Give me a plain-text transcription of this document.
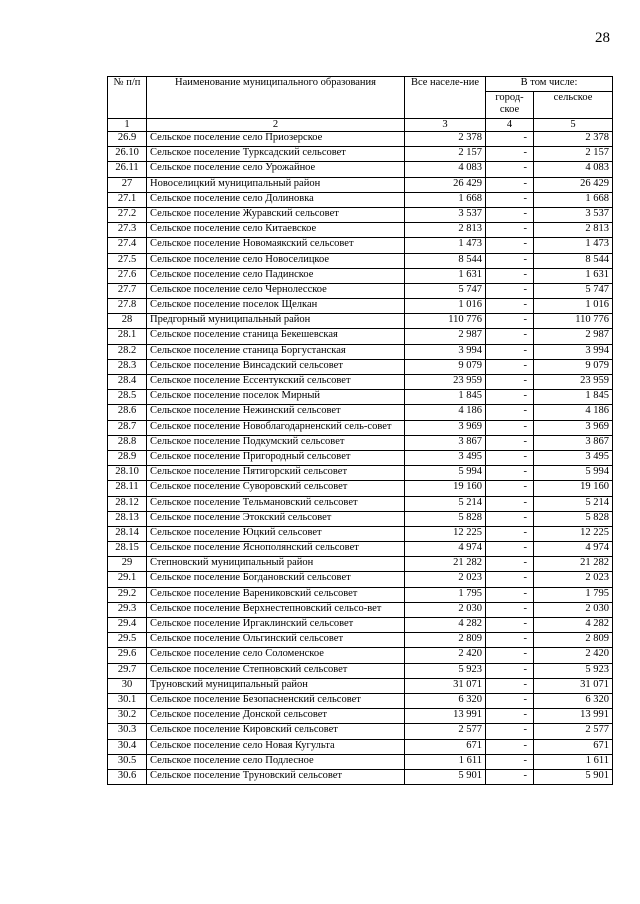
28
№ п/п	Наименование муниципального образования	Все населе-ние	В том числе:	
			город-ское	сельское
1	2	3	4	5
26.9	Сельское поселение село Приозерское	2 378	-	2 378
26.10	Сельское поселение Турксадский сельсовет	2 157	-	2 157
26.11	Сельское поселение село Урожайное	4 083	-	4 083
27	Новоселицкий муниципальный район	26 429	-	26 429
27.1	Сельское поселение село Долиновка	1 668	-	1 668
27.2	Сельское поселение Журавский сельсовет	3 537	-	3 537
27.3	Сельское поселение село Китаевское	2 813	-	2 813
27.4	Сельское поселение Новомаякский сельсовет	1 473	-	1 473
27.5	Сельское поселение село Новоселицкое	8 544	-	8 544
27.6	Сельское поселение село Падинское	1 631	-	1 631
27.7	Сельское поселение село Чернолесское	5 747	-	5 747
27.8	Сельское поселение поселок Щелкан	1 016	-	1 016
28	Предгорный муниципальный район	110 776	-	110 776
28.1	Сельское поселение станица Бекешевская	2 987	-	2 987
28.2	Сельское поселение станица Боргустанская	3 994	-	3 994
28.3	Сельское поселение Винсадский сельсовет	9 079	-	9 079
28.4	Сельское поселение Ессентукский сельсовет	23 959	-	23 959
28.5	Сельское поселение поселок Мирный	1 845	-	1 845
28.6	Сельское поселение Нежинский сельсовет	4 186	-	4 186
28.7	Сельское поселение Новоблагодарненский сель-совет	3 969	-	3 969
28.8	Сельское поселение Подкумский сельсовет	3 867	-	3 867
28.9	Сельское поселение Пригородный сельсовет	3 495	-	3 495
28.10	Сельское поселение Пятигорский сельсовет	5 994	-	5 994
28.11	Сельское поселение Суворовский сельсовет	19 160	-	19 160
28.12	Сельское поселение Тельмановский сельсовет	5 214	-	5 214
28.13	Сельское поселение Этокский сельсовет	5 828	-	5 828
28.14	Сельское поселение Юцкий сельсовет	12 225	-	12 225
28.15	Сельское поселение Яснополянский сельсовет	4 974	-	4 974
29	Степновский муниципальный район	21 282	-	21 282
29.1	Сельское поселение Богдановский сельсовет	2 023	-	2 023
29.2	Сельское поселение Варениковский сельсовет	1 795	-	1 795
29.3	Сельское поселение Верхнестепновский сельсо-вет	2 030	-	2 030
29.4	Сельское поселение Иргаклинский сельсовет	4 282	-	4 282
29.5	Сельское поселение Ольгинский сельсовет	2 809	-	2 809
29.6	Сельское поселение село Соломенское	2 420	-	2 420
29.7	Сельское поселение Степновский сельсовет	5 923	-	5 923
30	Труновский муниципальный район	31 071	-	31 071
30.1	Сельское поселение Безопасненский сельсовет	6 320	-	6 320
30.2	Сельское поселение Донской сельсовет	13 991	-	13 991
30.3	Сельское поселение Кировский сельсовет	2 577	-	2 577
30.4	Сельское поселение село Новая Кугульта	671	-	671
30.5	Сельское поселение село Подлесное	1 611	-	1 611
30.6	Сельское поселение Труновский сельсовет	5 901	-	5 901
